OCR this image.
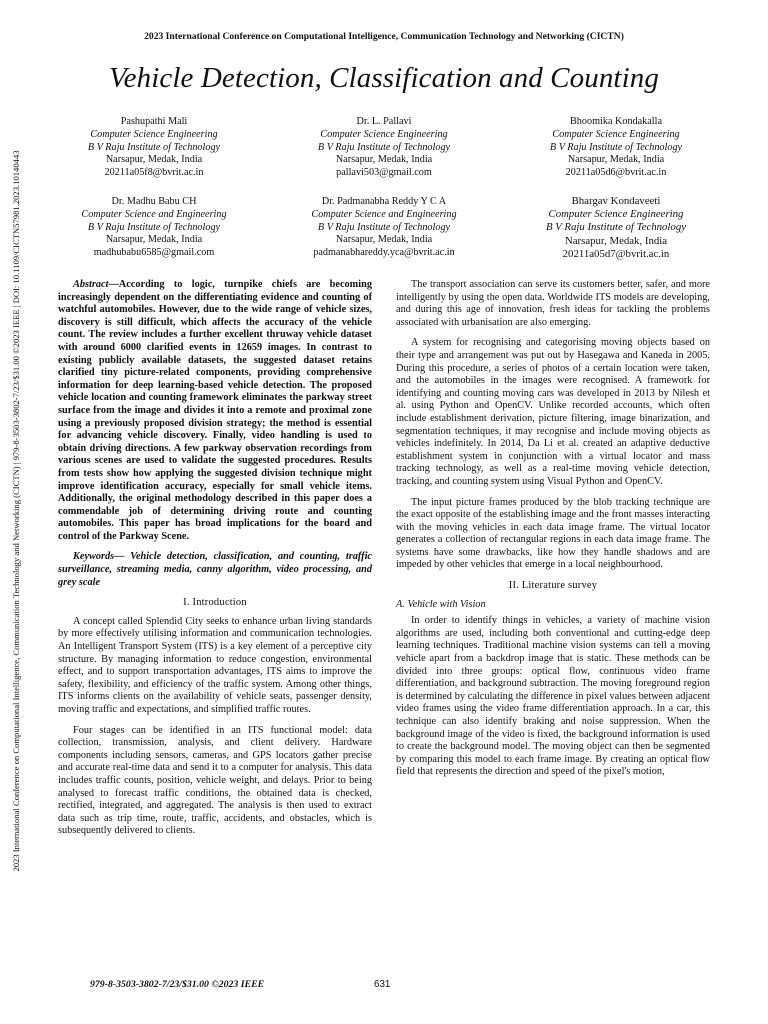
2023 International Conference on Computational Intelligence, Communication Technology and Networking (CICTN)
Vehicle Detection, Classification and Counting
Pashupathi Mali
Computer Science Engineering
B V Raju Institute of Technology
Narsapur, Medak, India
20211a05f8@bvrit.ac.in
Dr. L. Pallavi
Computer Science Engineering
B V Raju Institute of Technology
Narsapur, Medak, India
pallavi503@gmail.com
Bhoomika Kondakalla
Computer Science Engineering
B V Raju Institute of Technology
Narsapur, Medak, India
20211a05d6@bvrit.ac.in
Dr. Madhu Babu CH
Computer Science and Engineering
B V Raju Institute of Technology
Narsapur, Medak, India
madhubabu6585@gmail.com
Dr. Padmanabha Reddy Y C A
Computer Science and Engineering
B V Raju Institute of Technology
Narsapur, Medak, India
padmanabhareddy.yca@bvrit.ac.in
Bhargav Kondaveeti
Computer Science Engineering
B V Raju Institute of Technology
Narsapur, Medak, India
20211a05d7@bvrit.ac.in
2023 International Conference on Computational Intelligence, Communication Technology and Networking (CICTN) | 979-8-3503-3802-7/23/$31.00 ©2023 IEEE | DOI: 10.1109/CICTN57981.2023.10140443	Abstract—According to logic, turnpike chiefs are becoming increasingly dependent on the differentiating evidence and counting of watchful automobiles. However, due to the wide range of vehicle sizes, discovery is still difficult, which affects the accuracy of the vehicle count. The review includes a further excellent thruway vehicle dataset with around 6000 clarified events in 12659 images. In contrast to existing publicly available datasets, the suggested dataset retains clarified tiny picture-related components, providing comprehensive information for deep learning-based vehicle detection. The proposed vehicle location and counting framework eliminates the parkway street surface from the image and divides it into a remote and proximal zone using a previously proposed division strategy; the method is essential for advancing vehicle discovery. Finally, video handling is used to obtain driving directions. A few parkway observation recordings from various scenes are used to validate the suggested procedures. Results from tests show how applying the suggested division technique might improve identification accuracy, especially for small vehicle items. Additionally, the original methodology described in this paper does a commendable job of determining driving route and counting automobiles. This paper has broad implications for the board and control of the Parkway Scene.

Keywords— Vehicle detection, classification, and counting, traffic surveillance, streaming media, canny algorithm, video processing, and grey scale

I. Introduction

A concept called Splendid City seeks to enhance urban living standards by more effectively utilising information and communication technologies. An Intelligent Transport System (ITS) is a key element of a perceptive city structure. By managing information to reduce congestion, environmental effect, and to support transportation advantages, ITS aims to improve the safety, flexibility, and efficiency of the traffic system. Among other things, ITS informs clients on the availability of vehicle seats, passenger density, moving traffic and expectations, and simplified traffic routes.

Four stages can be identified in an ITS functional model: data collection, transmission, analysis, and client delivery. Hardware components including sensors, cameras, and GPS locators gather precise and accurate real-time data and send it to a computer for analysis. This data includes traffic counts, position, vehicle weight, and delays. Prior to being analysed to forecast traffic conditions, the obtained data is checked, rectified, integrated, and aggregated. The analysis is then used to extract data such as trip time, route, traffic, accidents, and obstacles, which is subsequently delivered to clients.

The transport association can serve its customers better, safer, and more intelligently by using the open data. Worldwide ITS models are developing, and during this age of innovation, fresh ideas for tackling the problems associated with urbanisation are also emerging.

A system for recognising and categorising moving objects based on their type and arrangement was put out by Hasegawa and Kaneda in 2005. During this procedure, a series of photos of a certain location were taken, and the automobiles in the images were recognised. A framework for identifying and counting moving cars was developed in 2013 by Nilesh et al. using Python and OpenCV. Unlike recorded accounts, which often include establishment derivation, picture filtering, image binarization, and segmentation techniques, it may recognise and include moving objects as vehicles indefinitely. In 2014, Da Li et al. created an adaptive deductive establishment system in conjunction with a virtual locator and mass tracking technology, as well as a real-time moving vehicle detection, tracking, and counting system using Visual Python and OpenCV.

The input picture frames produced by the blob tracking technique are the exact opposite of the establishing image and the front masses interacting with the moving vehicles in each data image frame. The virtual locator generates a collection of rectangular regions in each data image frame. The systems have some drawbacks, like how they handle shadows and are impeded by other vehicles that emerge in a local neighbourhood.

II. Literature survey
A. Vehicle with Vision

In order to identify things in vehicles, a variety of machine vision algorithms are used, including both conventional and cutting-edge deep learning techniques. Traditional machine vision systems can tell a moving vehicle apart from a backdrop image that is static. These methods can be divided into three groups: optical flow, continuous video frame differentiation, and background subtraction. The moving foreground region is determined by calculating the difference in pixel values between adjacent video frames using the video frame differentiation approach. In a car, this technique can also identify braking and noise suppression. When the background image of the video is fixed, the background information is used to create the background model. The moving object can then be segmented by comparing this model to each frame image. By creating an optical flow field that represents the direction and speed of the pixel's motion,

979-8-3503-3802-7/23/$31.00 ©2023 IEEE	631
